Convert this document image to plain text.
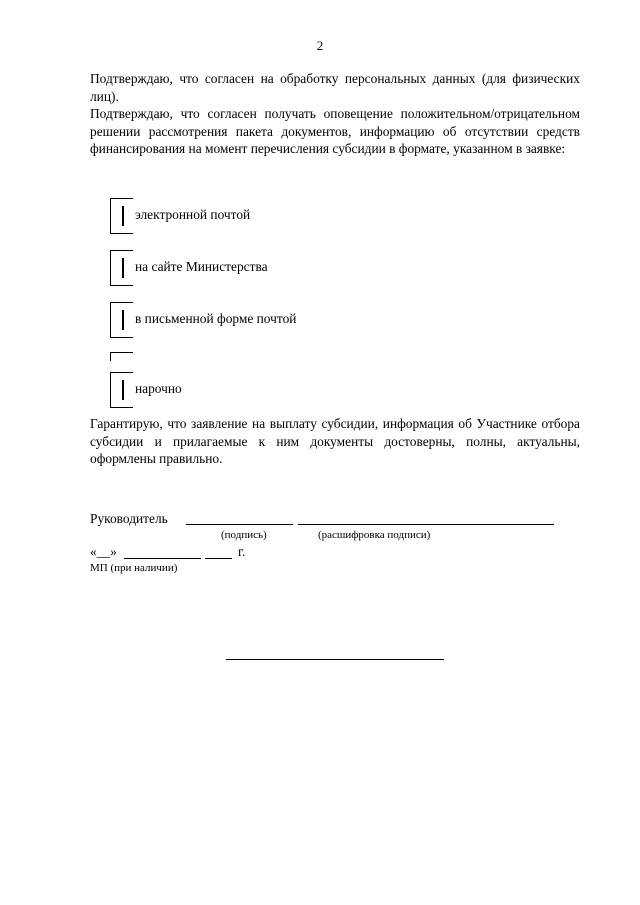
2

Подтверждаю, что согласен на обработку персональных данных (для физических лиц).

Подтверждаю, что согласен получать оповещение положительном/отрицательном решении рассмотрения пакета документов, информацию об отсутствии средств финансирования на момент перечисления субсидии в формате, указанном в заявке:

электронной почтой
на сайте Министерства
в письменной форме почтой
нарочно

Гарантирую, что заявление на выплату субсидии, информация об Участнике отбора субсидии и прилагаемые к ним документы достоверны, полны, актуальны, оформлены правильно.

Руководитель
(подпись)	(расшифровка подписи)
«__»	г.
МП (при наличии)
